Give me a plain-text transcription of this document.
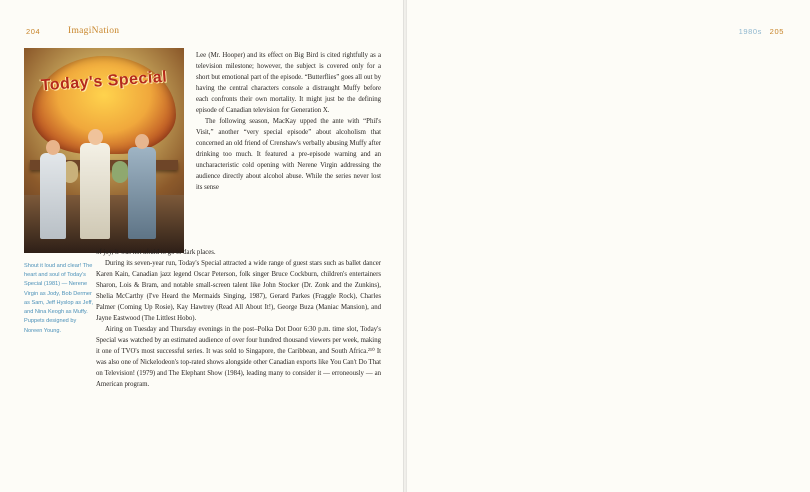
204	ImagiNation
Today's Special
Shout it loud and clear! The heart and soul of Today's Special (1981) — Nerene Virgin as Jody, Bob Dermer as Sam, Jeff Hyslop as Jeff, and Nina Keogh as Muffy. Puppets designed by Noreen Young.

Lee (Mr. Hooper) and its effect on Big Bird is cited rightfully as a television milestone; however, the subject is covered only for a short but emotional part of the episode. “Butterflies” goes all out by having the central characters console a distraught Muffy before each confronts their own mortality. It might just be the defining episode of Canadian television for Generation X.

The following season, MacKay upped the ante with “Phil's Visit,” another “very special episode” about alcoholism that concerned an old friend of Crenshaw's verbally abusing Muffy after drinking too much. It featured a pre-episode warning and an uncharacteristic cold opening with Nerene Virgin addressing the audience directly about alcohol abuse. While the series never lost its sense

of joy, it was not afraid to go to dark places.

During its seven-year run, Today's Special attracted a wide range of guest stars such as ballet dancer Karen Kain, Canadian jazz legend Oscar Peterson, folk singer Bruce Cockburn, children's entertainers Sharon, Lois & Bram, and notable small-screen talent like John Stocker (Dr. Zonk and the Zunkins), Shelia McCarthy (I've Heard the Mermaids Singing, 1987), Gerard Parkes (Fraggle Rock), Charles Palmer (Coming Up Rosie), Kay Hawtrey (Read All About It!), George Buza (Maniac Mansion), and Jayne Eastwood (The Littlest Hobo).

Airing on Tuesday and Thursday evenings in the post–Polka Dot Door 6:30 p.m. time slot, Today's Special was watched by an estimated audience of over four hundred thousand viewers per week, making it one of TVO's most successful series. It was sold to Singapore, the Caribbean, and South Africa.²¹⁰ It was also one of Nickelodeon's top-rated shows alongside other Canadian exports like You Can't Do That on Television! (1979) and The Elephant Show (1984), leading many to consider it — erroneously — an American program.

1980s 205
